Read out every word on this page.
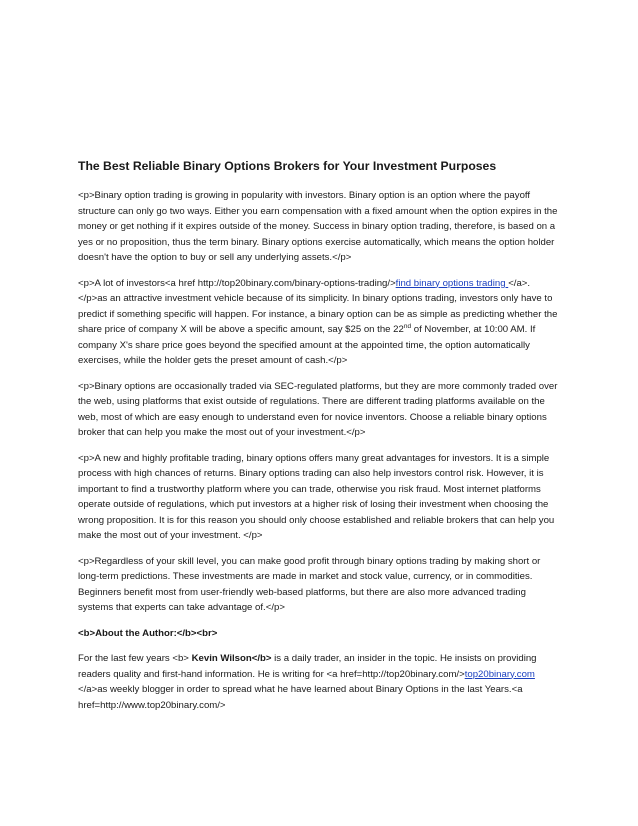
The Best Reliable Binary Options Brokers for Your Investment Purposes

<p>Binary option trading is growing in popularity with investors. Binary option is an option where the payoff structure can only go two ways. Either you earn compensation with a fixed amount when the option expires in the money or get nothing if it expires outside of the money. Success in binary option trading, therefore, is based on a yes or no proposition, thus the term binary. Binary options exercise automatically, which means the option holder doesn't have the option to buy or sell any underlying assets.</p>

<p>A lot of investors<a href http://top20binary.com/binary-options-trading/>find binary options trading </a>. </p>as an attractive investment vehicle because of its simplicity. In binary options trading, investors only have to predict if something specific will happen. For instance, a binary option can be as simple as predicting whether the share price of company X will be above a specific amount, say $25 on the 22nd of November, at 10:00 AM. If company X's share price goes beyond the specified amount at the appointed time, the option automatically exercises, while the holder gets the preset amount of cash.</p>

<p>Binary options are occasionally traded via SEC-regulated platforms, but they are more commonly traded over the web, using platforms that exist outside of regulations. There are different trading platforms available on the web, most of which are easy enough to understand even for novice inventors. Choose a reliable binary options broker that can help you make the most out of your investment.</p>

<p>A new and highly profitable trading, binary options offers many great advantages for investors. It is a simple process with high chances of returns. Binary options trading can also help investors control risk. However, it is important to find a trustworthy platform where you can trade, otherwise you risk fraud. Most internet platforms operate outside of regulations, which put investors at a higher risk of losing their investment when choosing the wrong proposition. It is for this reason you should only choose established and reliable brokers that can help you make the most out of your investment. </p>

<p>Regardless of your skill level, you can make good profit through binary options trading by making short or long-term predictions. These investments are made in market and stock value, currency, or in commodities. Beginners benefit most from user-friendly web-based platforms, but there are also more advanced trading systems that experts can take advantage of.</p>

<b>About the Author:</b><br>

For the last few years <b> Kevin Wilson</b> is a daily trader, an insider in the topic. He insists on providing readers quality and first-hand information. He is writing for <a href=http://top20binary.com/>top20binary.com </a>as weekly blogger in order to spread what he have learned about Binary Options in the last Years.<a href=http://www.top20binary.com/>
